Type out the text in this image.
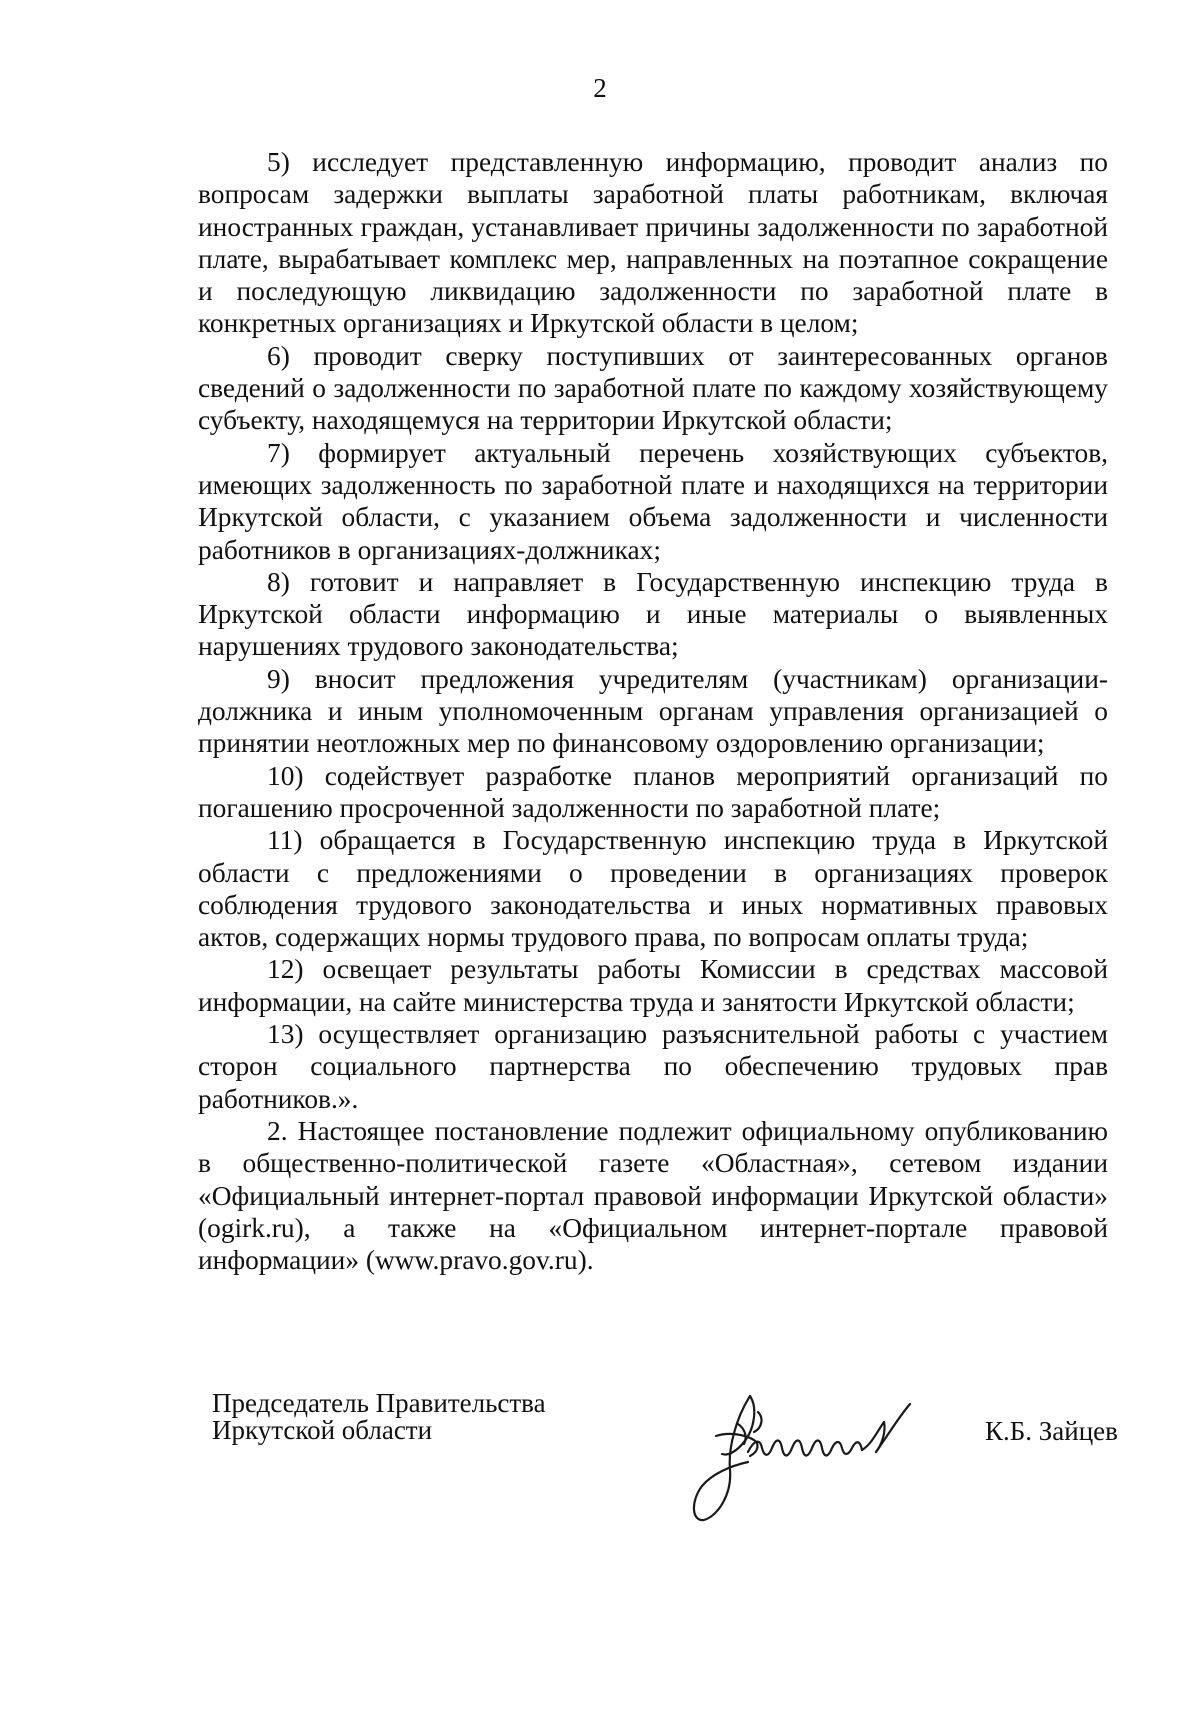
2

5) исследует представленную информацию, проводит анализ по вопросам задержки выплаты заработной платы работникам, включая иностранных граждан, устанавливает причины задолженности по заработной плате, вырабатывает комплекс мер, направленных на поэтапное сокращение и последующую ликвидацию задолженности по заработной плате в конкретных организациях и Иркутской области в целом;

6) проводит сверку поступивших от заинтересованных органов сведений о задолженности по заработной плате по каждому хозяйствующему субъекту, находящемуся на территории Иркутской области;

7) формирует актуальный перечень хозяйствующих субъектов, имеющих задолженность по заработной плате и находящихся на территории Иркутской области, с указанием объема задолженности и численности работников в организациях-должниках;

8) готовит и направляет в Государственную инспекцию труда в Иркутской области информацию и иные материалы о выявленных нарушениях трудового законодательства;

9) вносит предложения учредителям (участникам) организации-должника и иным уполномоченным органам управления организацией о принятии неотложных мер по финансовому оздоровлению организации;

10) содействует разработке планов мероприятий организаций по погашению просроченной задолженности по заработной плате;

11) обращается в Государственную инспекцию труда в Иркутской области с предложениями о проведении в организациях проверок соблюдения трудового законодательства и иных нормативных правовых актов, содержащих нормы трудового права, по вопросам оплаты труда;

12) освещает результаты работы Комиссии в средствах массовой информации, на сайте министерства труда и занятости Иркутской области;

13) осуществляет организацию разъяснительной работы с участием сторон социального партнерства по обеспечению трудовых прав работников.».

2. Настоящее постановление подлежит официальному опубликованию в общественно-политической газете «Областная», сетевом издании «Официальный интернет-портал правовой информации Иркутской области» (ogirk.ru), а также на «Официальном интернет-портале правовой информации» (www.pravo.gov.ru).

Председатель Правительства
Иркутской области	К.Б. Зайцев
